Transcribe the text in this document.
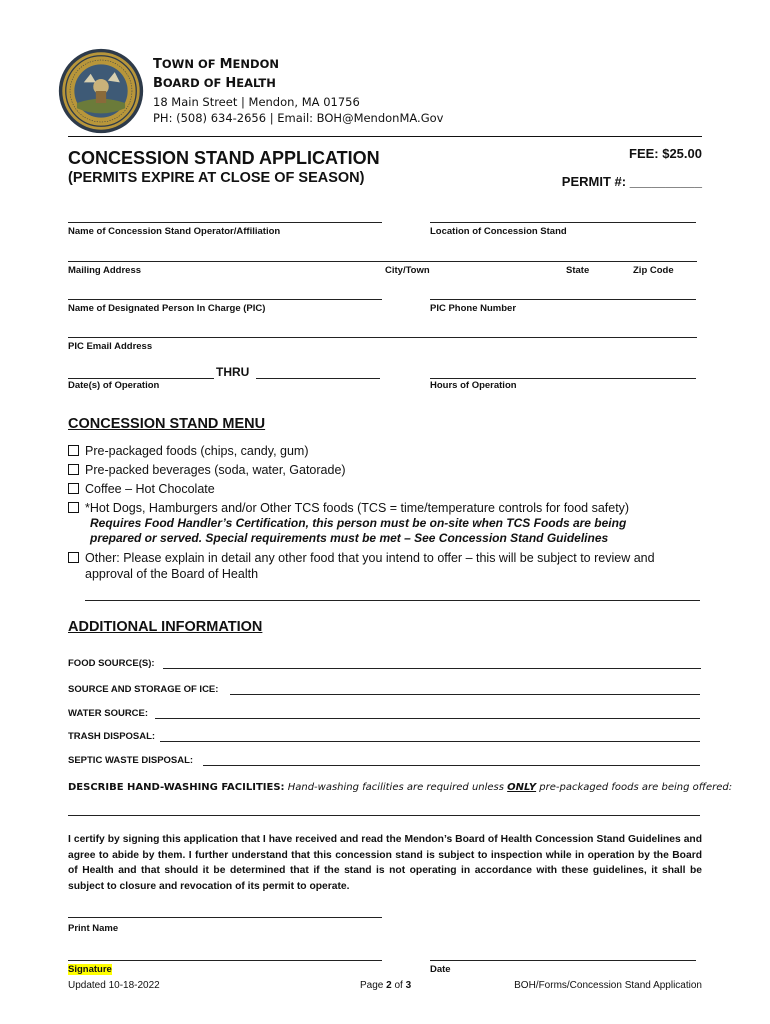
TOWN OF MENDON
BOARD OF HEALTH
18 Main Street | Mendon, MA 01756
PH: (508) 634-2656 | Email: BOH@MendonMA.Gov
CONCESSION STAND APPLICATION
(PERMITS EXPIRE AT CLOSE OF SEASON)
FEE: $25.00
PERMIT #: __________
Name of Concession Stand Operator/Affiliation	Location of Concession Stand
Mailing Address	City/Town	State	Zip Code
Name of Designated Person In Charge (PIC)	PIC Phone Number
PIC Email Address
THRU
Date(s) of Operation	Hours of Operation
CONCESSION STAND MENU
Pre-packaged foods (chips, candy, gum)
Pre-packed beverages (soda, water, Gatorade)
Coffee – Hot Chocolate
*Hot Dogs, Hamburgers and/or Other TCS foods (TCS = time/temperature controls for food safety)
Requires Food Handler’s Certification, this person must be on-site when TCS Foods are being
prepared or served. Special requirements must be met – See Concession Stand Guidelines
Other: Please explain in detail any other food that you intend to offer – this will be subject to review and
approval of the Board of Health
ADDITIONAL INFORMATION
FOOD SOURCE(S):
SOURCE AND STORAGE OF ICE:
WATER SOURCE:
TRASH DISPOSAL:
SEPTIC WASTE DISPOSAL:
DESCRIBE HAND-WASHING FACILITIES: Hand-washing facilities are required unless ONLY pre-packaged foods are being offered:
I certify by signing this application that I have received and read the Mendon’s Board of Health Concession Stand Guidelines and agree to abide by them. I further understand that this concession stand is subject to inspection while in operation by the Board of Health and that should it be determined that if the stand is not operating in accordance with these guidelines, it shall be subject to closure and revocation of its permit to operate.
Print Name
Signature	Date
Updated 10-18-2022	Page 2 of 3	BOH/Forms/Concession Stand Application
